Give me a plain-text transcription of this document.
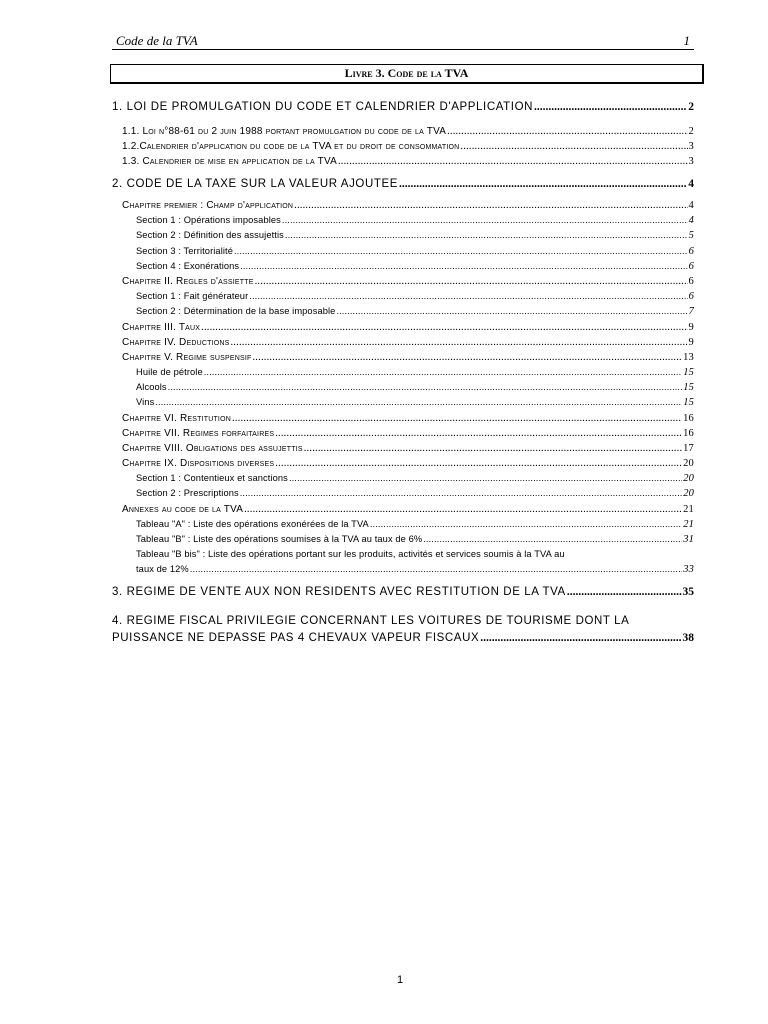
Code de la TVA	1
Livre 3. Code de la TVA
1. LOI DE PROMULGATION DU CODE ET CALENDRIER D'APPLICATION .....	2
1.1. Loi n°88-61 du 2 juin 1988 portant promulgation du code de la TVA .....	2
1.2.Calendrier d'application du code de la TVA et du droit de consommation .....	3
1.3. Calendrier de mise en application de la TVA .....	3
2. CODE DE LA TAXE SUR LA VALEUR AJOUTEE .....	4
Chapitre premier : Champ d'application .....	4
Section 1 : Opérations imposables .....	4
Section 2 : Définition des assujettis .....	5
Section 3 : Territorialité .....	6
Section 4 : Exonérations .....	6
Chapitre II. Regles d'assiette .....	6
Section 1 : Fait générateur .....	6
Section 2 : Détermination de la base imposable .....	7
Chapitre III. Taux .....	9
Chapitre IV. Deductions .....	9
Chapitre V. Regime suspensif .....	13
Huile de pétrole .....	15
Alcools .....	15
Vins .....	15
Chapitre VI. Restitution .....	16
Chapitre VII. Regimes forfaitaires .....	16
Chapitre VIII. Obligations des assujettis .....	17
Chapitre IX. Dispositions diverses .....	20
Section 1 : Contentieux et sanctions .....	20
Section 2 : Prescriptions .....	20
Annexes au code de la TVA .....	21
Tableau "A" : Liste des opérations exonérées de la TVA .....	21
Tableau "B" : Liste des opérations soumises à la TVA au taux de 6% .....	31
Tableau "B bis" : Liste des opérations portant sur les produits, activités et services soumis à la TVA au
taux de 12% .....	33
3. REGIME DE VENTE AUX NON RESIDENTS AVEC RESTITUTION DE LA TVA .....	35
4. REGIME FISCAL PRIVILEGIE CONCERNANT LES VOITURES DE TOURISME DONT LA
PUISSANCE NE DEPASSE PAS 4 CHEVAUX VAPEUR FISCAUX .....	38
1
